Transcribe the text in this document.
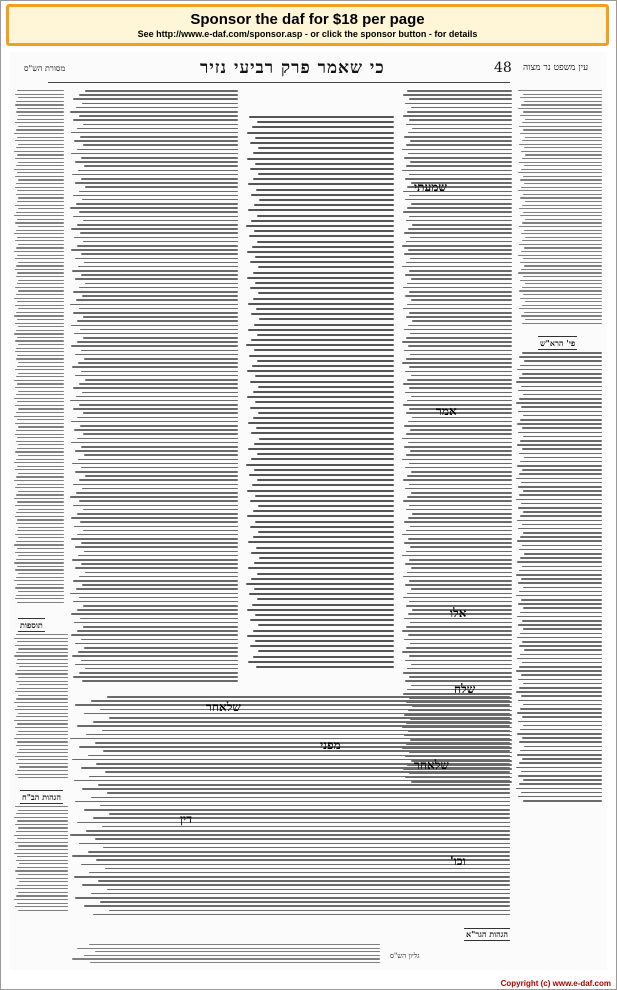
Sponsor the daf for $18 per page
See http://www.e-daf.com/sponsor.asp - or click the sponsor button - for details
עין משפט נר מצוה
48
כי שאמר פרק רביעי נזיר
מסורת הש"ס
פי' הרא"ש
תוספות
הגהות הב"ח
שמעתי
אמר
אלו
שלח
שלאחר
מפני
שלאחר
דין
וכו'
הגהות הגר"א
גליון הש"ס
Copyright (c) www.e-daf.com
